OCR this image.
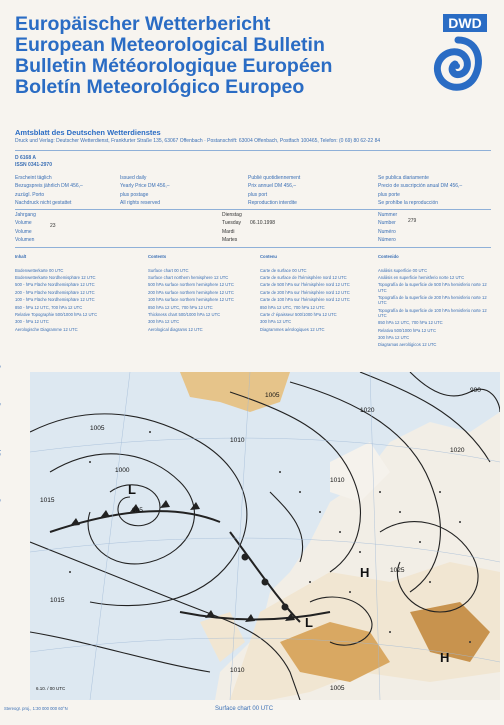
Europäischer Wetterbericht
European Meteorological Bulletin
Bulletin Météorologique Européen
Boletín Meteorológico Europeo
DWD
Amtsblatt des Deutschen Wetterdienstes
Druck und Verlag: Deutscher Wetterdienst, Frankfurter Straße 135, 63067 Offenbach · Postanschrift: 63004 Offenbach, Postfach 100465, Telefon: (0 69) 80 62-22 84
D 6168 A
ISSN 0341-2970
Erscheint täglich
Bezugspreis jährlich DM 456,–
zuzügl. Porto
Nachdruck nicht gestattet
Issued daily
Yearly Price DM 456,–
plus postage
All rights reserved
Publié quotidiennement
Prix annuel DM 456,–
plus port
Reproduction interdite
Se publica diariamente
Precio de suscripción anual DM 456,–
plus porte
Se prohíbe la reproducción
Jahrgang
Volume
Volume
Volumen
23
Dienstag
Tuesday
Mardi
Martes
06.10.1998
Nummer
Number
Numéro
Número
279
Inhalt
Bodenwetterkarte 00 UTC
Bodenwetterkarte Nordhemisphäre 12 UTC
500 - hPa Fläche Nordhemisphäre 12 UTC
200 - hPa Fläche Nordhemisphäre 12 UTC
100 - hPa Fläche Nordhemisphäre 12 UTC
850 - hPa 12 UTC, 700 hPa 12 UTC
Relative Topographie 500/1000 hPa 12 UTC
300 - hPa 12 UTC
Aerologische Diagramme 12 UTC
Contents
Surface chart 00 UTC
Surface chart northern hemisphere 12 UTC
500 hPa surface northern hemisphere 12 UTC
200 hPa surface northern hemisphere 12 UTC
100 hPa surface northern hemisphere 12 UTC
850 hPa 12 UTC, 700 hPa 12 UTC
Thickness chart 500/1000 hPa 12 UTC
300 hPa 12 UTC
Aerological diagrams 12 UTC
Contenu
Carte de surface 00 UTC
Carte de surface de l'hémisphère nord 12 UTC
Carte de 500 hPa sur l'hémisphère nord 12 UTC
Carte de 200 hPa sur l'hémisphère nord 12 UTC
Carte de 100 hPa sur l'hémisphère nord 12 UTC
850 hPa 12 UTC, 700 hPa 12 UTC
Carte d' épaisseur 500/1000 hPa 12 UTC
300 hPa 12 UTC
Diagrammes aérologiques 12 UTC
Contenido
Análisis superficie 00 UTC
Análisis en superficie hemisferio norte 12 UTC
Topografía de la superficie de 500 hPa hemisferio norte 12 UTC
Topografía de la superficie de 200 hPa hemisferio norte 12 UTC
Topografía de la superficie de 100 hPa hemisferio norte 12 UTC
850 hPa 12 UTC, 700 hPa 12 UTC
Relativa 500/1000 hPa 12 UTC
300 hPa 12 UTC
Diagramas aerológicos 12 UTC
1005
1010
1015
1020
1025
1000
995
990
1005
1010
1015
1020
1010
1005
6.10. / 00 UTC
H
L
H
L
Stereogr. proj., 1:30 000 000 60°N	Surface chart 00 UTC
